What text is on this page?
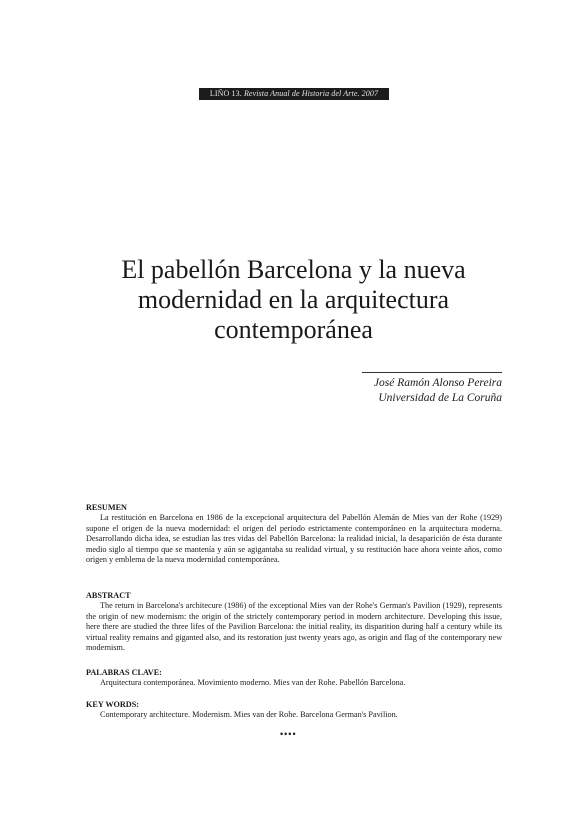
LIÑO 13. Revista Anual de Historia del Arte. 2007
El pabellón Barcelona y la nueva
modernidad en la arquitectura
contemporánea
José Ramón Alonso Pereira
Universidad de La Coruña
RESUMEN

La restitución en Barcelona en 1986 de la excepcional arquitectura del Pabellón Alemán de Mies van der Rohe (1929) supone el origen de la nueva modernidad: el origen del periodo estrictamente contemporáneo en la arquitectura moderna. Desarrollando dicha idea, se estudian las tres vidas del Pabellón Barcelona: la realidad inicial, la desaparición de ésta durante medio siglo al tiempo que se mantenía y aún se agigantaba su realidad virtual, y su restitución hace ahora veinte años, como origen y emblema de la nueva modernidad contemporánea.

ABSTRACT

The return in Barcelona's architecure (1986) of the exceptional Mies van der Rohe's German's Pavilion (1929), represents the origin of new modernism: the origin of the strictely contemporary period in modern architecture. Developing this issue, here there are studied the three lifes of the Pavilion Barcelona: the initial reality, its disparition during half a century while its virtual reality remains and giganted also, and its restoration just twenty years ago, as origin and flag of the contemporary new modernism.

PALABRAS CLAVE:

Arquitectura contemporánea. Movimiento moderno. Mies van der Rohe. Pabellón Barcelona.

KEY WORDS:

Contemporary architecture. Modernism. Mies van der Rohe. Barcelona German's Pavilion.

••••
